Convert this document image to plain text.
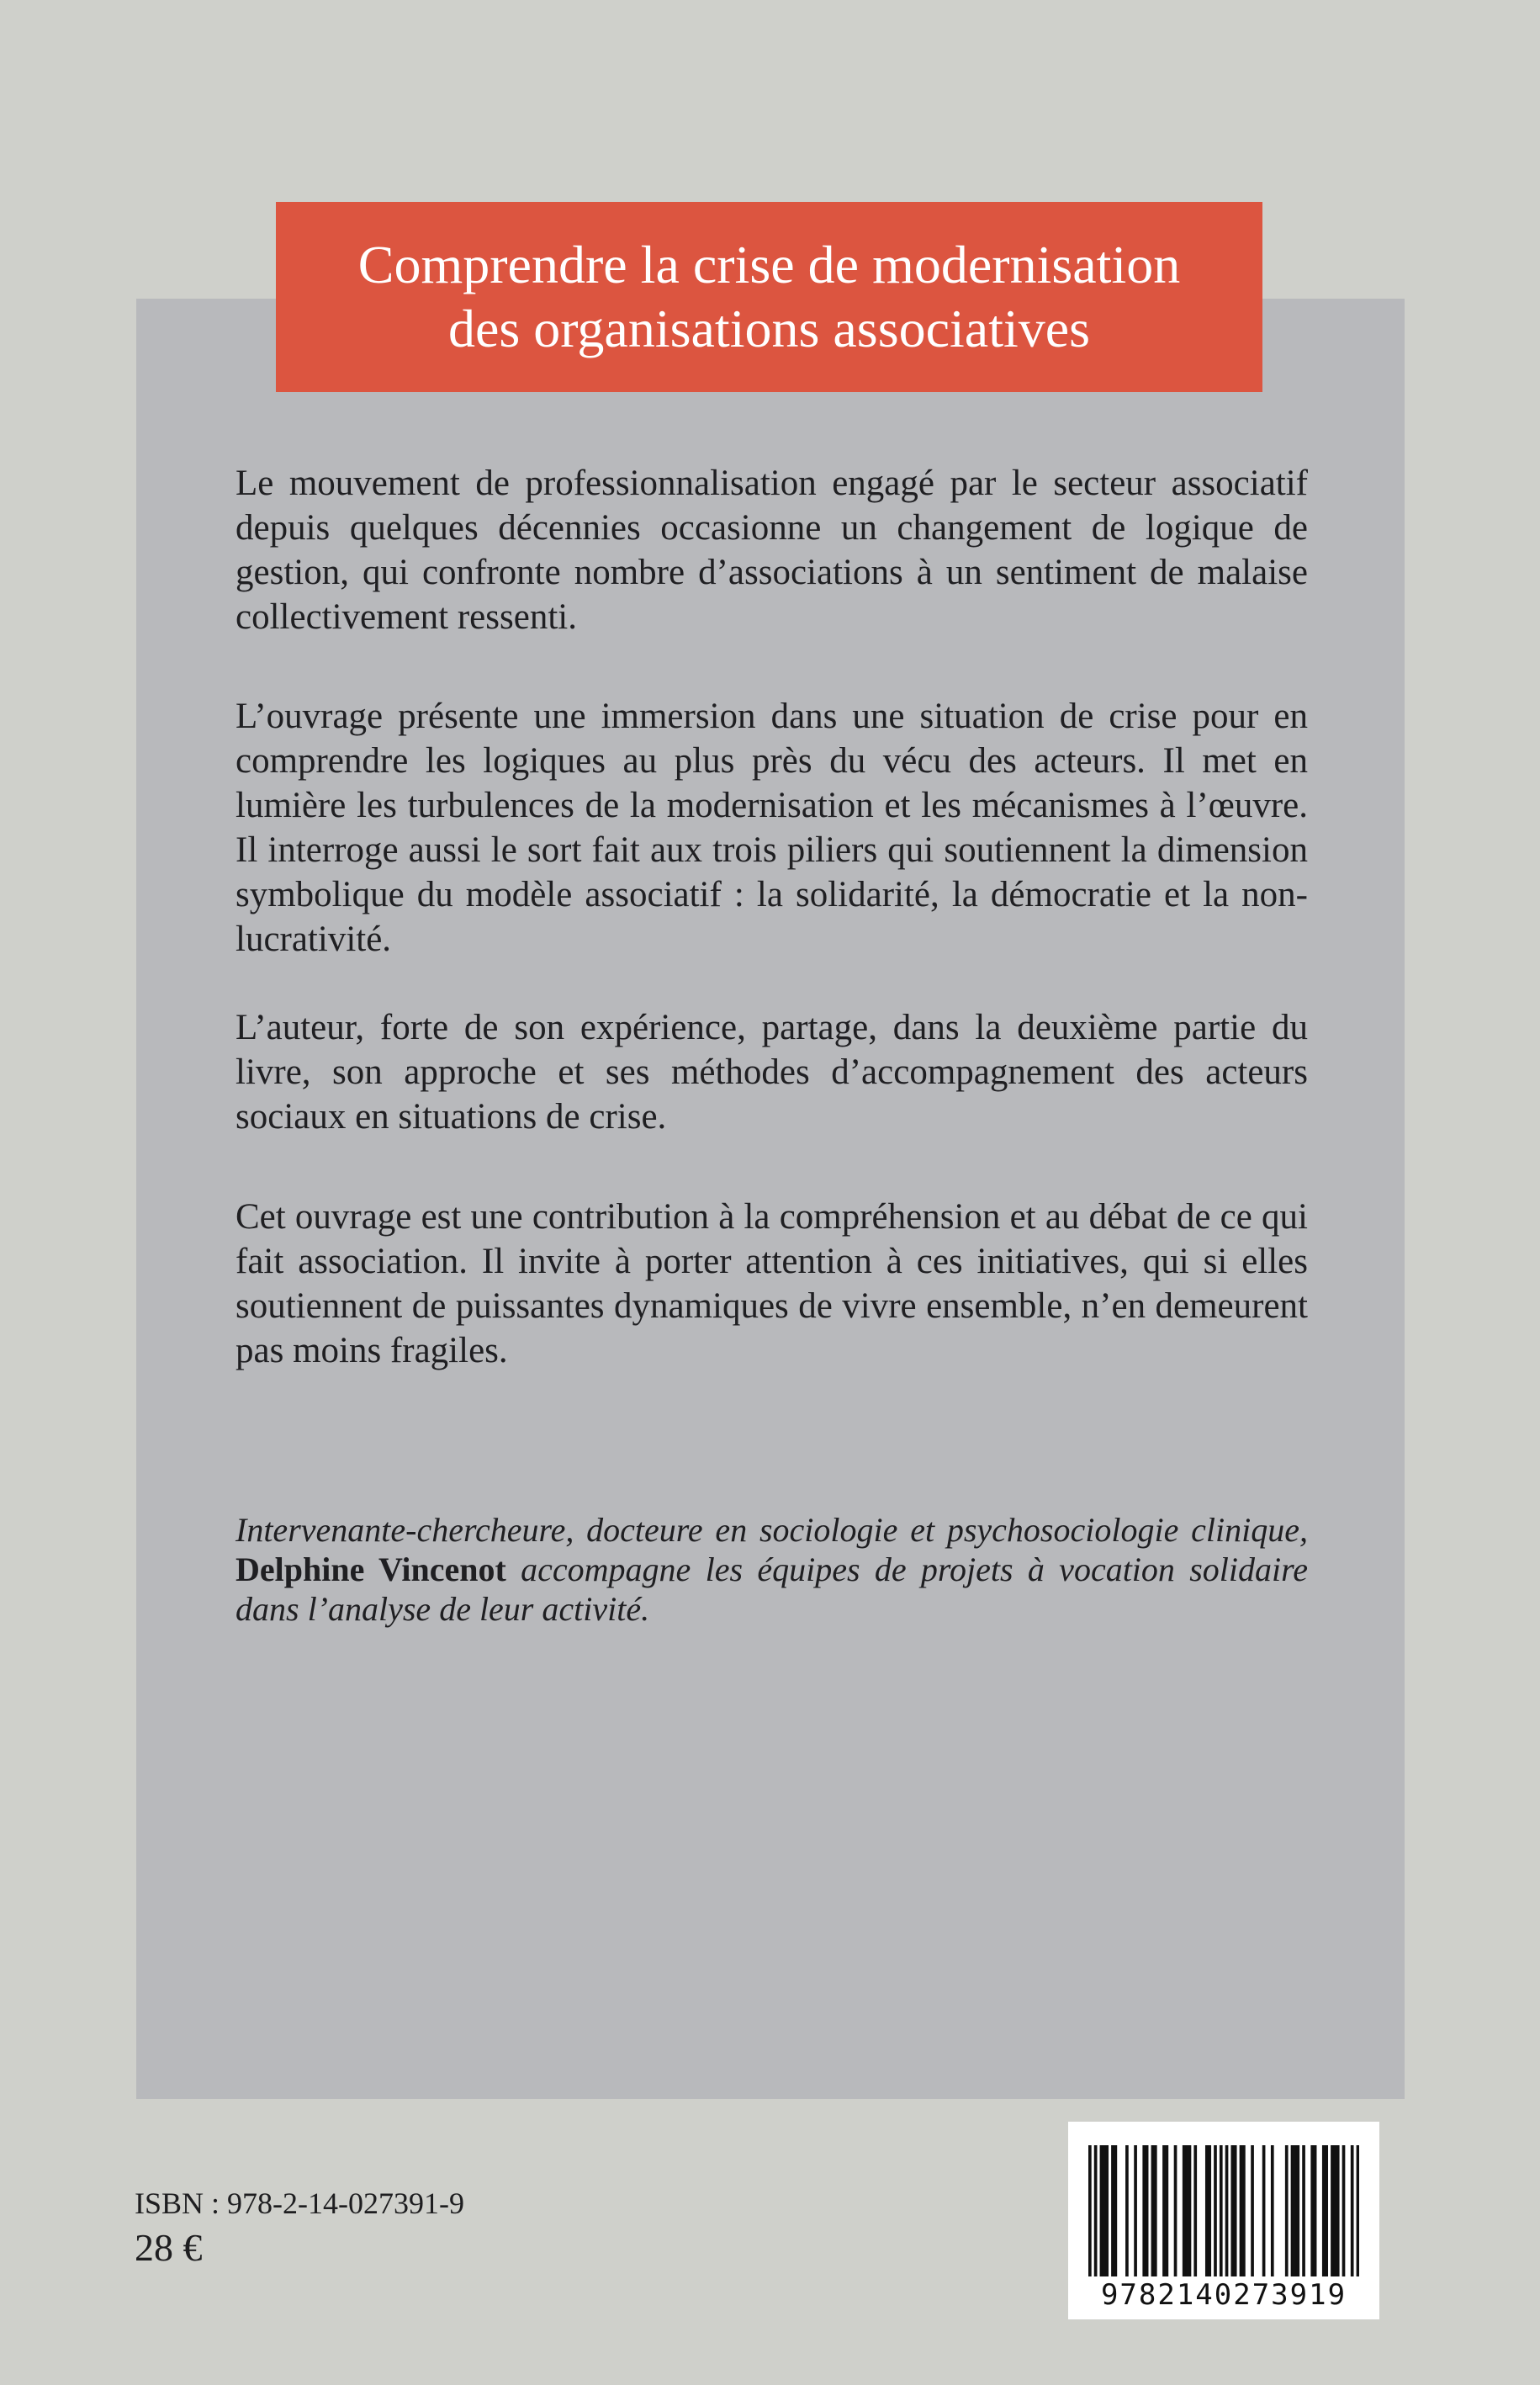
Comprendre la crise de modernisation
des organisations associatives

Le mouvement de professionnalisation engagé par le secteur associatif depuis quelques décennies occasionne un changement de logique de gestion, qui confronte nombre d’associations à un sentiment de malaise collectivement ressenti.

L’ouvrage présente une immersion dans une situation de crise pour en comprendre les logiques au plus près du vécu des acteurs. Il met en lumière les turbulences de la modernisation et les mécanismes à l’œuvre. Il interroge aussi le sort fait aux trois piliers qui soutiennent la dimension symbolique du modèle associatif : la solidarité, la démocratie et la non-lucrativité.

L’auteur, forte de son expérience, partage, dans la deuxième partie du livre, son approche et ses méthodes d’accompagnement des acteurs sociaux en situations de crise.

Cet ouvrage est une contribution à la compréhension et au débat de ce qui fait association. Il invite à porter attention à ces initiatives, qui si elles soutiennent de puissantes dynamiques de vivre ensemble, n’en demeurent pas moins fragiles.

Intervenante-chercheure, docteure en sociologie et psychosociologie clinique, Delphine Vincenot accompagne les équipes de projets à vocation solidaire dans l’analyse de leur activité.

9782140273919
ISBN : 978-2-14-027391-9
28 €
